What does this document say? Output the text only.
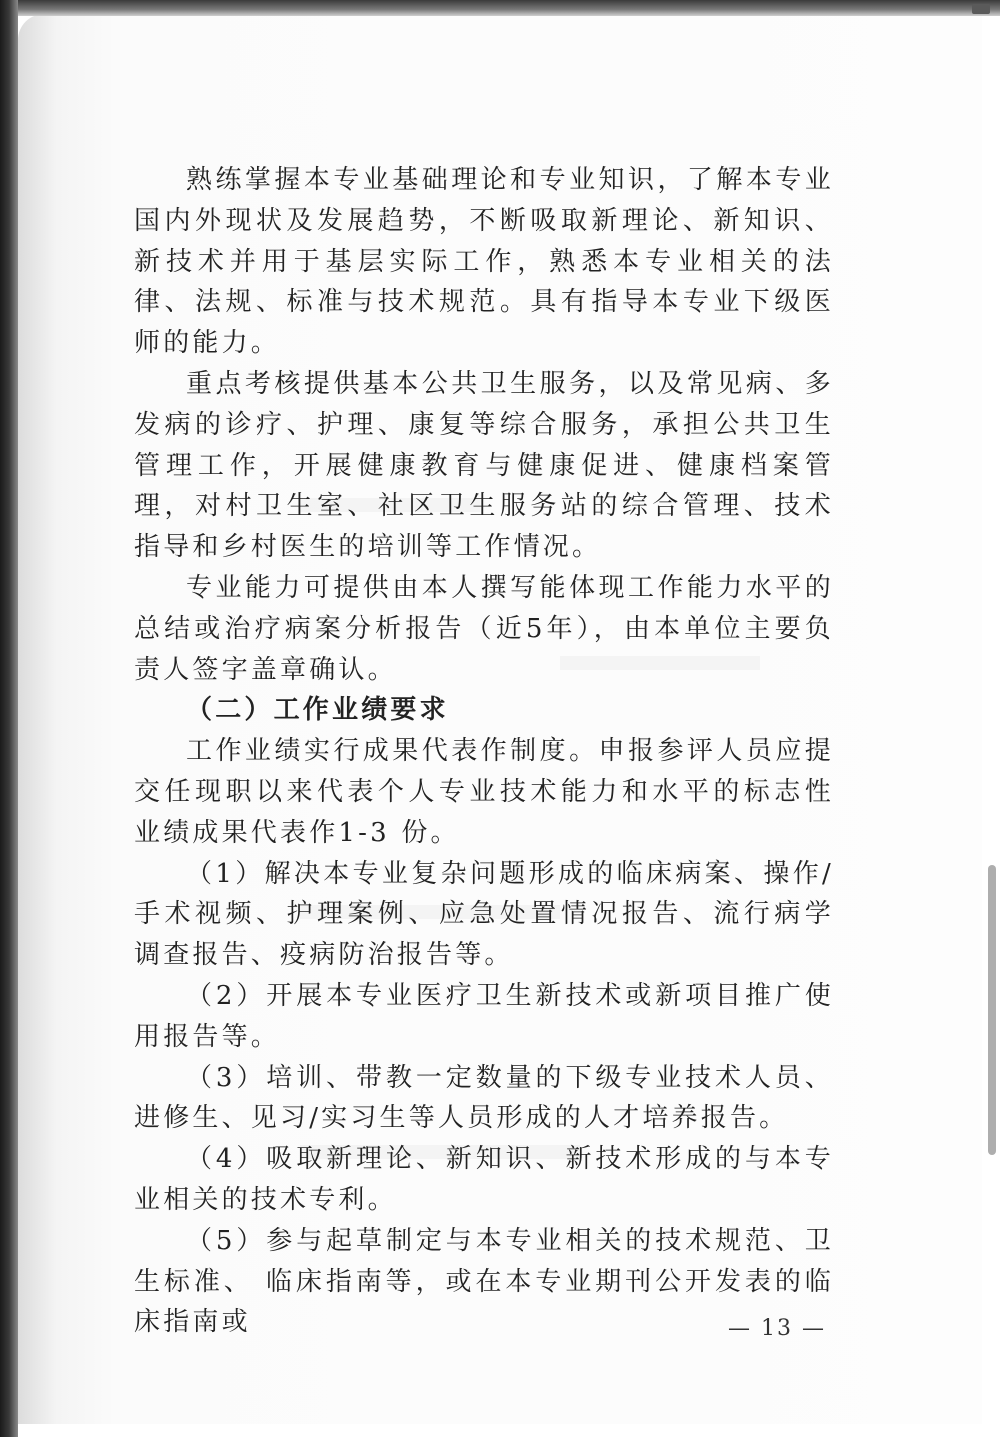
熟练掌握本专业基础理论和专业知识，了解本专业国内外现状及发展趋势，不断吸取新理论、新知识、新技术并用于基层实际工作，熟悉本专业相关的法律、法规、标准与技术规范。具有指导本专业下级医师的能力。

重点考核提供基本公共卫生服务，以及常见病、多发病的诊疗、护理、康复等综合服务，承担公共卫生管理工作，开展健康教育与健康促进、健康档案管理，对村卫生室、社区卫生服务站的综合管理、技术指导和乡村医生的培训等工作情况。

专业能力可提供由本人撰写能体现工作能力水平的总结或治疗病案分析报告（近5年），由本单位主要负责人签字盖章确认。

（二）工作业绩要求

工作业绩实行成果代表作制度。申报参评人员应提交任现职以来代表个人专业技术能力和水平的标志性业绩成果代表作1-3 份。

（1）解决本专业复杂问题形成的临床病案、操作/手术视频、护理案例、应急处置情况报告、流行病学调查报告、疫病防治报告等。

（2）开展本专业医疗卫生新技术或新项目推广使用报告等。

（3）培训、带教一定数量的下级专业技术人员、进修生、见习/实习生等人员形成的人才培养报告。

（4）吸取新理论、新知识、新技术形成的与本专业相关的技术专利。

（5）参与起草制定与本专业相关的技术规范、卫生标准、 临床指南等，或在本专业期刊公开发表的临床指南或	— 13 —
